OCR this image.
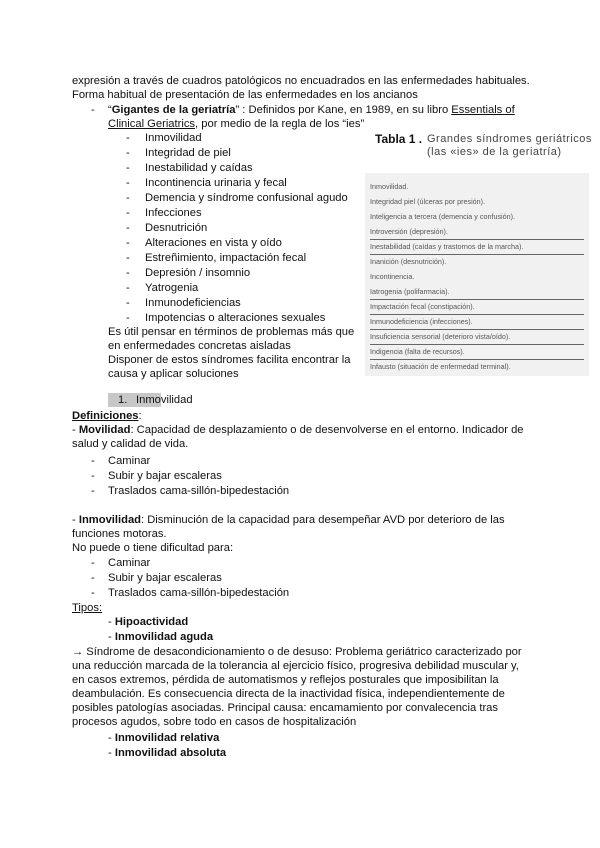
expresión a través de cuadros patológicos no encuadrados en las enfermedades habituales.
Forma habitual de presentación de las enfermedades en los ancianos
- “Gigantes de la geriatría” : Definidos por Kane, en 1989, en su libro Essentials of
Clinical Geriatrics, por medio de la regla de los “ies”
- Inmovilidad
- Integridad de piel
- Inestabilidad y caídas
- Incontinencia urinaria y fecal
- Demencia y síndrome confusional agudo
- Infecciones
- Desnutrición
- Alteraciones en vista y oído
- Estreñimiento, impactación fecal
- Depresión / insomnio
- Yatrogenia
- Inmunodeficiencias
- Impotencias o alteraciones sexuales
Es útil pensar en términos de problemas más que
en enfermedades concretas aisladas
Disponer de estos síndromes facilita encontrar la
causa y aplicar soluciones
Tabla 1 . Grandes síndromes geriátricos (las «ies» de la geriatría)
Inmovilidad.
Integridad piel (úlceras por presión).
Inteligencia a tercera (demencia y confusión).
Introversión (depresión).
Inestabilidad (caídas y trastornos de la marcha).
Inanición (desnutrición).
Incontinencia.
Iatrogenia (polifarmacia).
Impactación fecal (constipación).
Inmunodeficiencia (infecciones).
Insuficiencia sensorial (deterioro vista/oído).
Indigencia (falta de recursos).
Infausto (situación de enfermedad terminal).
1. Inmovilidad
Definiciones:
- Movilidad: Capacidad de desplazamiento o de desenvolverse en el entorno. Indicador de
salud y calidad de vida.
- Caminar
- Subir y bajar escaleras
- Traslados cama-sillón-bipedestación
- Inmovilidad: Disminución de la capacidad para desempeñar AVD por deterioro de las
funciones motoras.
No puede o tiene dificultad para:
- Caminar
- Subir y bajar escaleras
- Traslados cama-sillón-bipedestación
Tipos:
- Hipoactividad
- Inmovilidad aguda
→ Síndrome de desacondicionamiento o de desuso: Problema geriátrico caracterizado por
una reducción marcada de la tolerancia al ejercicio físico, progresiva debilidad muscular y,
en casos extremos, pérdida de automatismos y reflejos posturales que imposibilitan la
deambulación. Es consecuencia directa de la inactividad física, independientemente de
posibles patologías asociadas. Principal causa: encamamiento por convalecencia tras
procesos agudos, sobre todo en casos de hospitalización
- Inmovilidad relativa
- Inmovilidad absoluta
